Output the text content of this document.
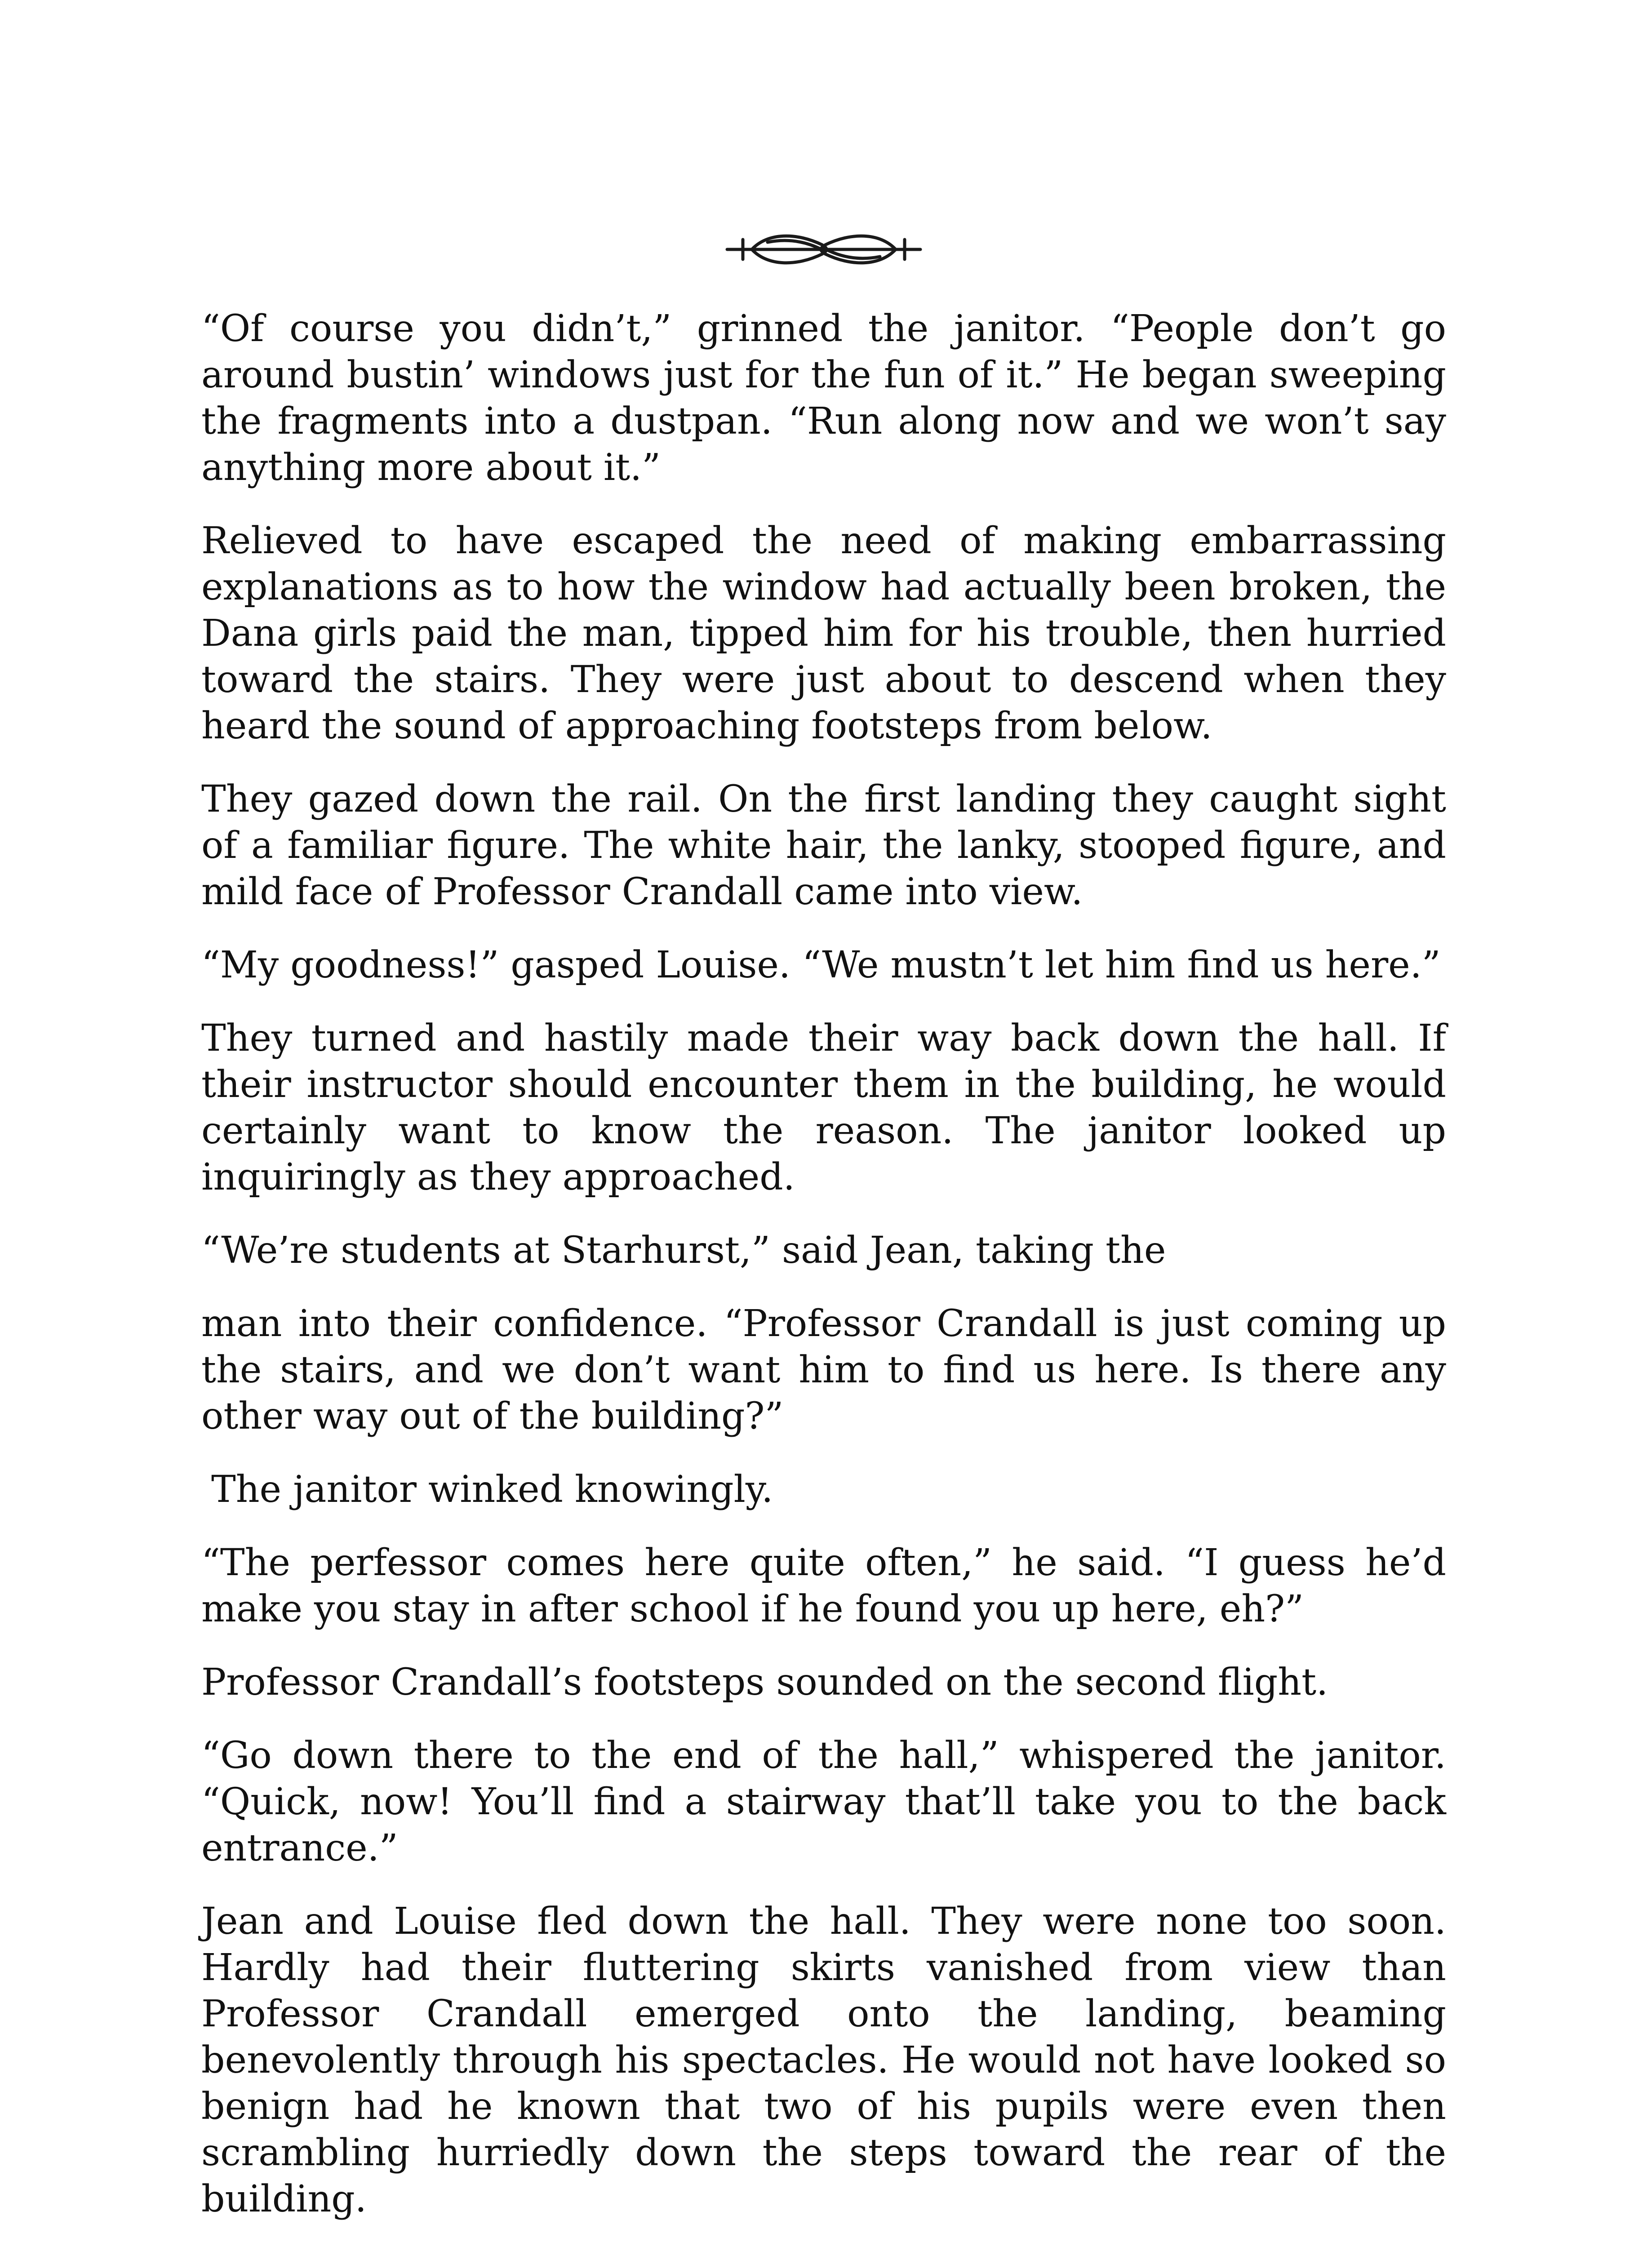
“Of course you didn’t,” grinned the janitor. “People don’t go around bustin’ windows just for the fun of it.” He began sweeping the fragments into a dustpan. “Run along now and we won’t say anything more about it.”

Relieved to have escaped the need of making embarrassing explanations as to how the window had actually been broken, the Dana girls paid the man, tipped him for his trouble, then hurried toward the stairs. They were just about to descend when they heard the sound of approaching footsteps from below.

They gazed down the rail. On the first landing they caught sight of a familiar figure. The white hair, the lanky, stooped figure, and mild face of Professor Crandall came into view.

“My goodness!” gasped Louise. “We mustn’t let him find us here.”

They turned and hastily made their way back down the hall. If their instructor should encounter them in the building, he would certainly want to know the reason. The janitor looked up inquiringly as they approached.

“We’re students at Starhurst,” said Jean, taking the

man into their confidence. “Professor Crandall is just coming up the stairs, and we don’t want him to find us here. Is there any other way out of the building?”

The janitor winked knowingly.

“The perfessor comes here quite often,” he said. “I guess he’d make you stay in after school if he found you up here, eh?”

Professor Crandall’s footsteps sounded on the second flight.

“Go down there to the end of the hall,” whispered the janitor. “Quick, now! You’ll find a stairway that’ll take you to the back entrance.”

Jean and Louise fled down the hall. They were none too soon. Hardly had their fluttering skirts vanished from view than Professor Crandall emerged onto the landing, beaming benevolently through his spectacles. He would not have looked so benign had he known that two of his pupils were even then scrambling hurriedly down the steps toward the rear of the building.
